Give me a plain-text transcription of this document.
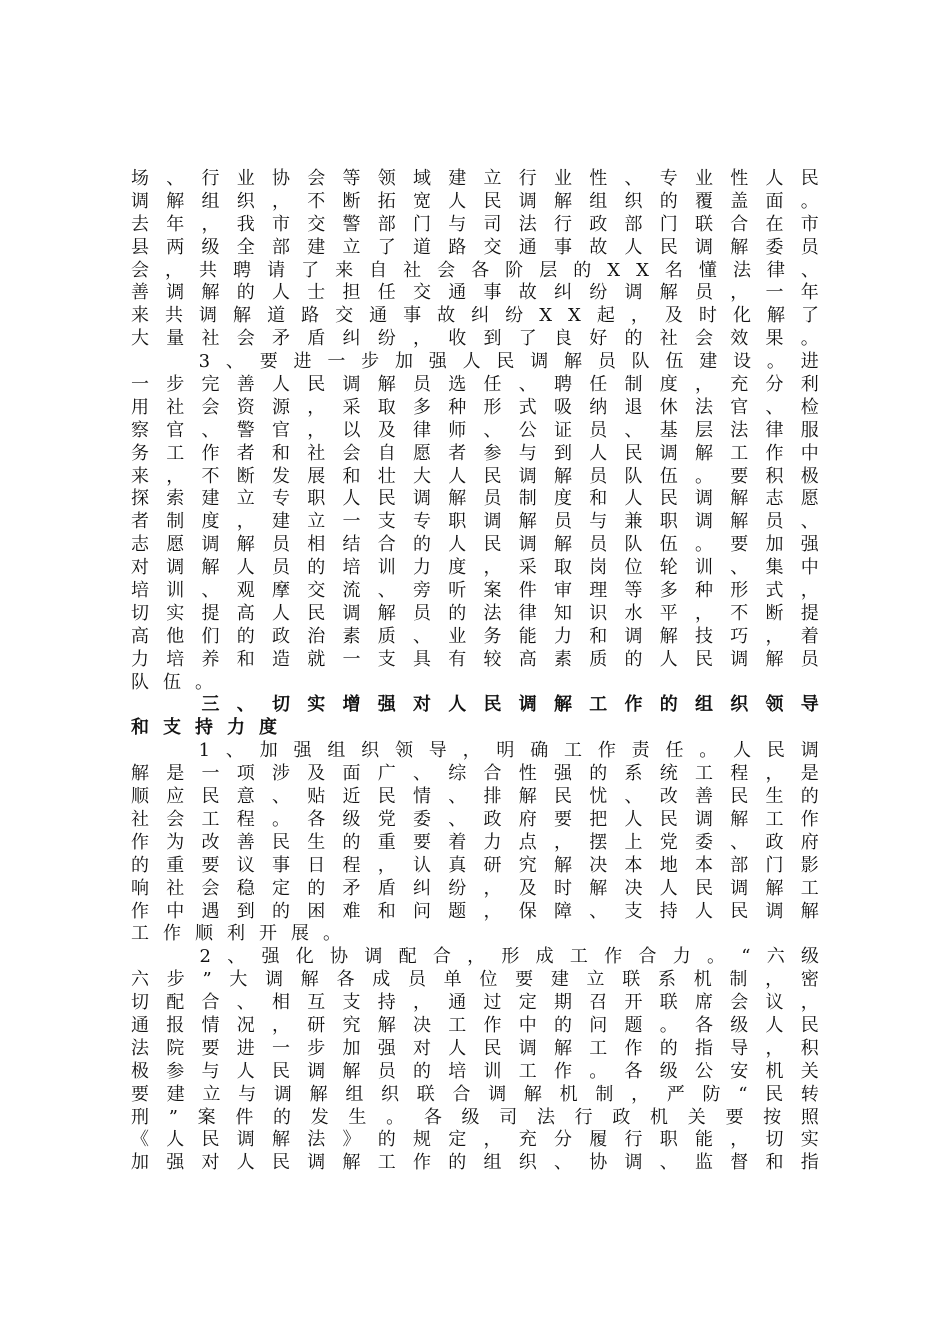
场 、 行 业 协 会 等 领 域 建 立 行 业 性 、 专 业 性 人 民
调 解 组 织 ， 不 断 拓 宽 人 民 调 解 组 织 的 覆 盖 面 。
去 年 ， 我 市 交 警 部 门 与 司 法 行 政 部 门 联 合 在 市
县 两 级 全 部 建 立 了 道 路 交 通 事 故 人 民 调 解 委 员
会 ， 共 聘 请 了 来 自 社 会 各 阶 层 的 X X 名 懂 法 律 、
善 调 解 的 人 士 担 任 交 通 事 故 纠 纷 调 解 员 ， 一 年
来 共 调 解 道 路 交 通 事 故 纠 纷 X X 起 ， 及 时 化 解 了
大 量 社 会 矛 盾 纠 纷 ， 收 到 了 良 好 的 社 会 效 果 。

3 、 要 进 一 步 加 强 人 民 调 解 员 队 伍 建 设 。 进
一 步 完 善 人 民 调 解 员 选 任 、 聘 任 制 度 ， 充 分 利
用 社 会 资 源 ， 采 取 多 种 形 式 吸 纳 退 休 法 官 、 检
察 官 、 警 官 ， 以 及 律 师 、 公 证 员 、 基 层 法 律 服
务 工 作 者 和 社 会 自 愿 者 参 与 到 人 民 调 解 工 作 中
来 ， 不 断 发 展 和 壮 大 人 民 调 解 员 队 伍 。 要 积 极
探 索 建 立 专 职 人 民 调 解 员 制 度 和 人 民 调 解 志 愿
者 制 度 ， 建 立 一 支 专 职 调 解 员 与 兼 职 调 解 员 、
志 愿 调 解 员 相 结 合 的 人 民 调 解 员 队 伍 。 要 加 强
对 调 解 人 员 的 培 训 力 度 ， 采 取 岗 位 轮 训 、 集 中
培 训 、 观 摩 交 流 、 旁 听 案 件 审 理 等 多 种 形 式 ，
切 实 提 高 人 民 调 解 员 的 法 律 知 识 水 平 ， 不 断 提
高 他 们 的 政 治 素 质 、 业 务 能 力 和 调 解 技 巧 ， 着
力 培 养 和 造 就 一 支 具 有 较 高 素 质 的 人 民 调 解 员
队 伍 。

三 、 切 实 增 强 对 人 民 调 解 工 作 的 组 织 领 导
和 支 持 力 度

1 、 加 强 组 织 领 导 ， 明 确 工 作 责 任 。 人 民 调
解 是 一 项 涉 及 面 广 、 综 合 性 强 的 系 统 工 程 ， 是
顺 应 民 意 、 贴 近 民 情 、 排 解 民 忧 、 改 善 民 生 的
社 会 工 程 。 各 级 党 委 、 政 府 要 把 人 民 调 解 工 作
作 为 改 善 民 生 的 重 要 着 力 点 ， 摆 上 党 委 、 政 府
的 重 要 议 事 日 程 ， 认 真 研 究 解 决 本 地 本 部 门 影
响 社 会 稳 定 的 矛 盾 纠 纷 ， 及 时 解 决 人 民 调 解 工
作 中 遇 到 的 困 难 和 问 题 ， 保 障 、 支 持 人 民 调 解
工 作 顺 利 开 展 。

2 、 强 化 协 调 配 合 ， 形 成 工 作 合 力 。 “ 六 级
六 步 ” 大 调 解 各 成 员 单 位 要 建 立 联 系 机 制 ， 密
切 配 合 、 相 互 支 持 ， 通 过 定 期 召 开 联 席 会 议 ，
通 报 情 况 ， 研 究 解 决 工 作 中 的 问 题 。 各 级 人 民
法 院 要 进 一 步 加 强 对 人 民 调 解 工 作 的 指 导 ， 积
极 参 与 人 民 调 解 员 的 培 训 工 作 。 各 级 公 安 机 关
要 建 立 与 调 解 组 织 联 合 调 解 机 制 ， 严 防 “ 民 转
刑 ” 案 件 的 发 生 。 各 级 司 法 行 政 机 关 要 按 照
《 人 民 调 解 法 》 的 规 定 ， 充 分 履 行 职 能 ， 切 实
加 强 对 人 民 调 解 工 作 的 组 织 、 协 调 、 监 督 和 指
